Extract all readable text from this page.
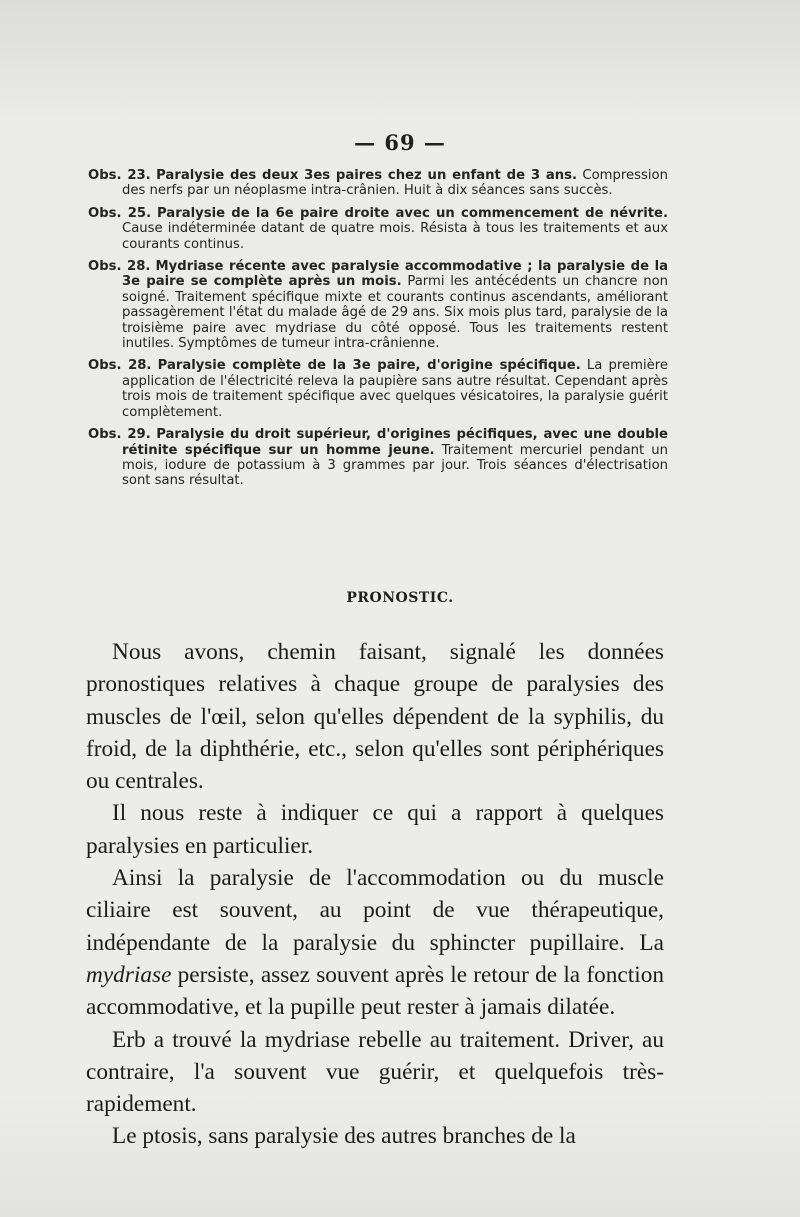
— 69 —

Obs. 23. Paralysie des deux 3es paires chez un enfant de 3 ans. Compression des nerfs par un néoplasme intra-crânien. Huit à dix séances sans succès.

Obs. 25. Paralysie de la 6e paire droite avec un commencement de névrite. Cause indéterminée datant de quatre mois. Résista à tous les traitements et aux courants continus.

Obs. 28. Mydriase récente avec paralysie accommodative ; la paralysie de la 3e paire se complète après un mois. Parmi les antécédents un chancre non soigné. Traitement spécifique mixte et courants continus ascendants, améliorant passagèrement l'état du malade âgé de 29 ans. Six mois plus tard, paralysie de la troisième paire avec mydriase du côté opposé. Tous les traitements restent inutiles. Symptômes de tumeur intra-crânienne.

Obs. 28. Paralysie complète de la 3e paire, d'origine spécifique. La première application de l'électricité releva la paupière sans autre résultat. Cependant après trois mois de traitement spécifique avec quelques vésicatoires, la paralysie guérit complètement.

Obs. 29. Paralysie du droit supérieur, d'origines pécifiques, avec une double rétinite spécifique sur un homme jeune. Traitement mercuriel pendant un mois, iodure de potassium à 3 grammes par jour. Trois séances d'électrisation sont sans résultat.

PRONOSTIC.

Nous avons, chemin faisant, signalé les données pronostiques relatives à chaque groupe de paralysies des muscles de l'œil, selon qu'elles dépendent de la syphilis, du froid, de la diphthérie, etc., selon qu'elles sont périphériques ou centrales.

Il nous reste à indiquer ce qui a rapport à quelques paralysies en particulier.

Ainsi la paralysie de l'accommodation ou du muscle ciliaire est souvent, au point de vue thérapeutique, indépendante de la paralysie du sphincter pupillaire. La mydriase persiste, assez souvent après le retour de la fonction accommodative, et la pupille peut rester à jamais dilatée.

Erb a trouvé la mydriase rebelle au traitement. Driver, au contraire, l'a souvent vue guérir, et quelquefois très-rapidement.

Le ptosis, sans paralysie des autres branches de la
